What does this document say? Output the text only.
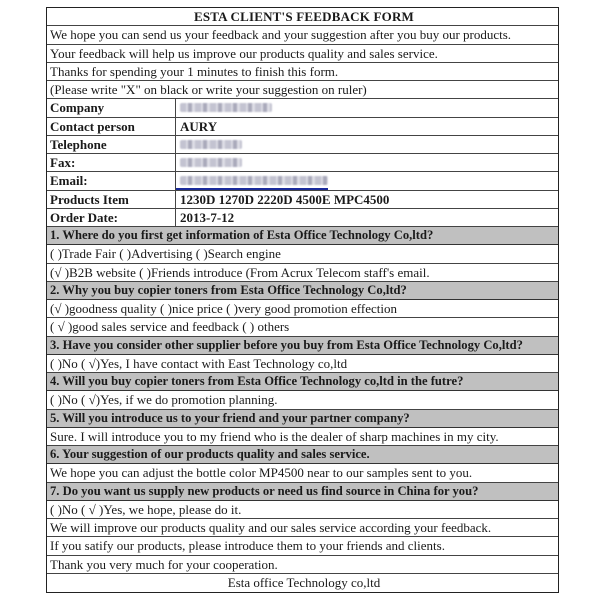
ESTA CLIENT'S FEEDBACK FORM
We hope you can send us your feedback and your suggestion after you buy our products.
Your feedback will help us improve our products quality and sales service.
Thanks for spending your 1 minutes to finish this form.
(Please write "X" on black or write your suggestion on ruler)
Company
Contact person	AURY
Telephone
Fax:
Email:
Products Item	1230D 1270D 2220D 4500E MPC4500
Order Date:	2013-7-12
1. Where do you first get information of Esta Office Technology Co,ltd?
( )Trade Fair ( )Advertising ( )Search engine
(√ )B2B website ( )Friends introduce (From Acrux Telecom staff's email.
2. Why you buy copier toners from Esta Office Technology Co,ltd?
(√ )goodness quality ( )nice price ( )very good promotion effection
( √ )good sales service and feedback ( ) others
3. Have you consider other supplier before you buy from Esta Office Technology Co,ltd?
( )No ( √)Yes, I have contact with East Technology co,ltd
4. Will you buy copier toners from Esta Office Technology co,ltd in the futre?
( )No ( √)Yes, if we do promotion planning.
5. Will you introduce us to your friend and your partner company?
Sure. I will introduce you to my friend who is the dealer of sharp machines in my city.
6. Your suggestion of our products quality and sales service.
We hope you can adjust the bottle color MP4500 near to our samples sent to you.
7. Do you want us supply new products or need us find source in China for you?
( )No ( √ )Yes, we hope, please do it.
We will improve our products quality and our sales service according your feedback.
If you satify our products, please introduce them to your friends and clients.
Thank you very much for your cooperation.
Esta office Technology co,ltd
